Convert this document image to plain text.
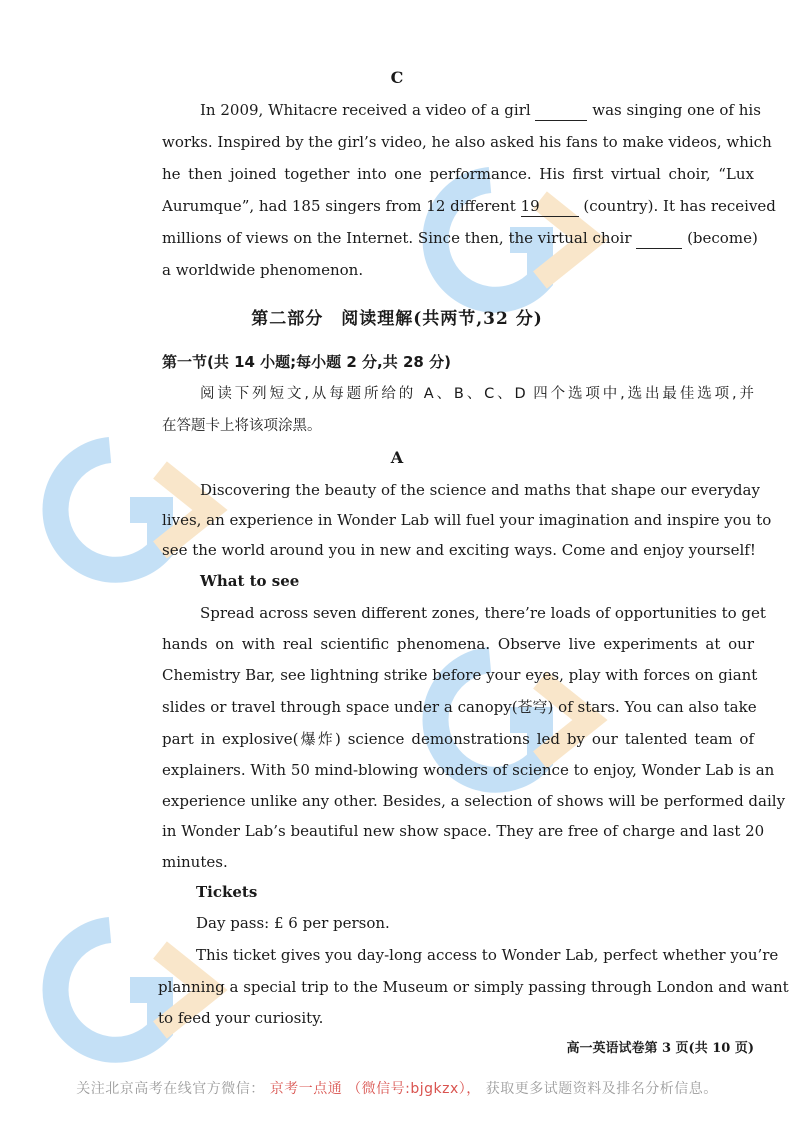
C
In 2009, Whitacre received a video of a girl	was singing one of his
works. Inspired by the girl’s video, he also asked his fans to make videos, which
he then joined together into one performance. His first virtual choir, “Lux
Aurumque”, had 185 singers from 12 different 19	(country). It has received
millions of views on the Internet. Since then, the virtual choir	(become)
a worldwide phenomenon.
第二部分　阅读理解(共两节,32 分)
第一节(共 14 小题;每小题 2 分,共 28 分)
阅读下列短文,从每题所给的 A、B、C、D 四个选项中,选出最佳选项,并
在答题卡上将该项涂黑。
A
Discovering the beauty of the science and maths that shape our everyday
lives, an experience in Wonder Lab will fuel your imagination and inspire you to
see the world around you in new and exciting ways. Come and enjoy yourself!
What to see
Spread across seven different zones, there’re loads of opportunities to get
hands on with real scientific phenomena. Observe live experiments at our
Chemistry Bar, see lightning strike before your eyes, play with forces on giant
slides or travel through space under a canopy(苍穹) of stars. You can also take
part in explosive(爆炸) science demonstrations led by our talented team of
explainers. With 50 mind-blowing wonders of science to enjoy, Wonder Lab is an
experience unlike any other. Besides, a selection of shows will be performed daily
in Wonder Lab’s beautiful new show space. They are free of charge and last 20
minutes.
Tickets
Day pass: £ 6 per person.
This ticket gives you day-long access to Wonder Lab, perfect whether you’re
planning a special trip to the Museum or simply passing through London and want
to feed your curiosity.
高一英语试卷第 3 页(共 10 页)
关注北京高考在线官方微信： 京考一点通 （微信号:bjgkzx）， 获取更多试题资料及排名分析信息。
